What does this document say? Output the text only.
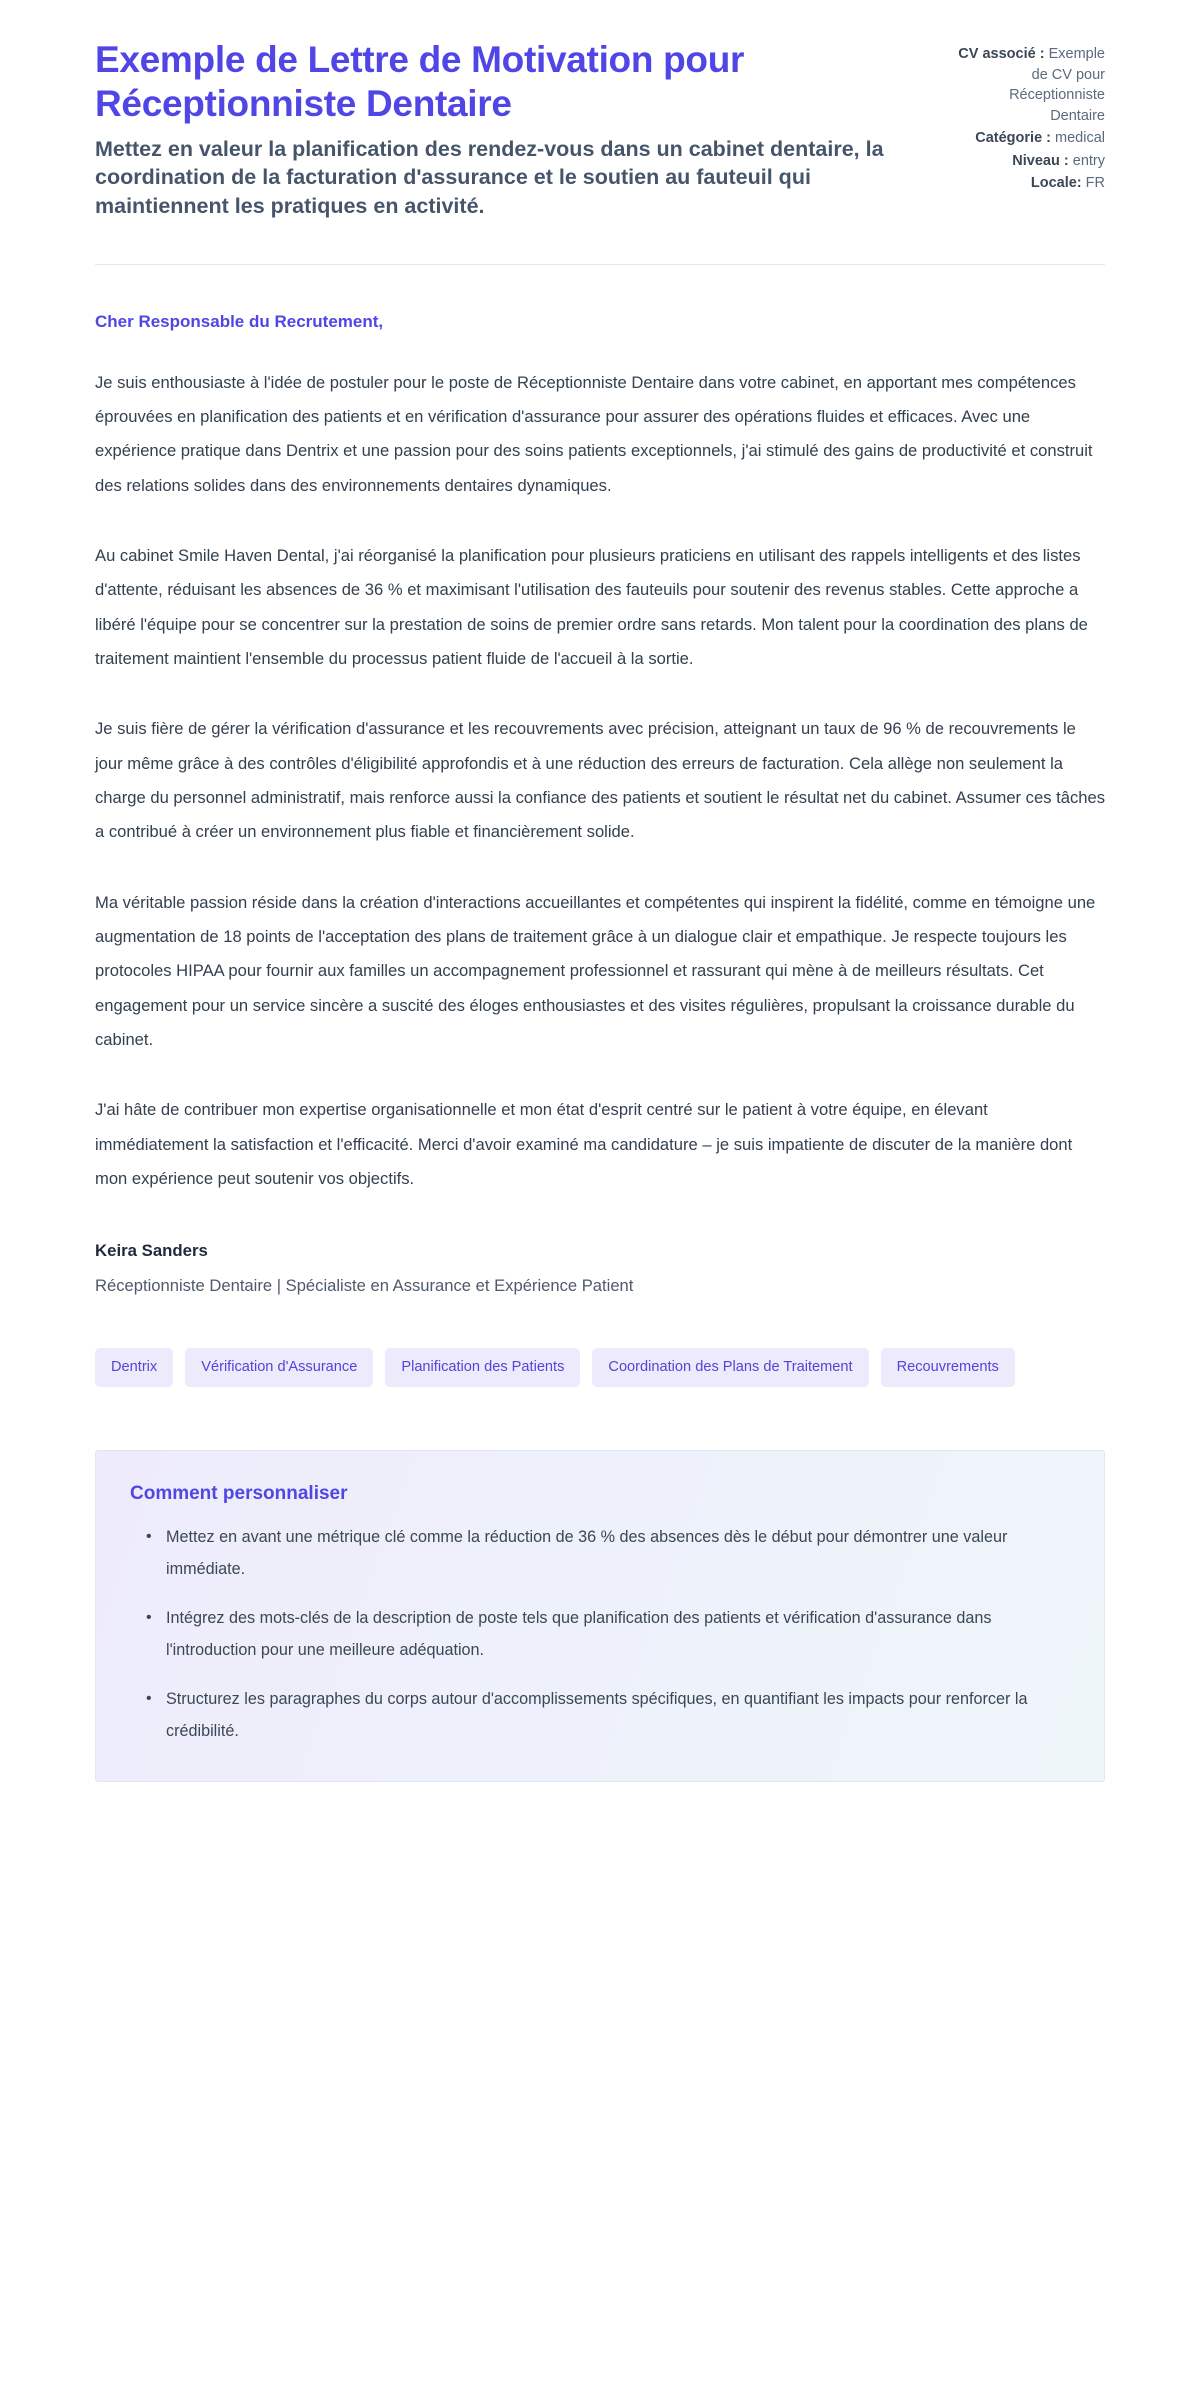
Exemple de Lettre de Motivation pour Réceptionniste Dentaire

Mettez en valeur la planification des rendez-vous dans un cabinet dentaire, la coordination de la facturation d'assurance et le soutien au fauteuil qui maintiennent les pratiques en activité.

CV associé : Exemple de CV pour Réceptionniste Dentaire
Catégorie : medical
Niveau : entry
Locale: FR

Cher Responsable du Recrutement,

Je suis enthousiaste à l'idée de postuler pour le poste de Réceptionniste Dentaire dans votre cabinet, en apportant mes compétences éprouvées en planification des patients et en vérification d'assurance pour assurer des opérations fluides et efficaces. Avec une expérience pratique dans Dentrix et une passion pour des soins patients exceptionnels, j'ai stimulé des gains de productivité et construit des relations solides dans des environnements dentaires dynamiques.

Au cabinet Smile Haven Dental, j'ai réorganisé la planification pour plusieurs praticiens en utilisant des rappels intelligents et des listes d'attente, réduisant les absences de 36 % et maximisant l'utilisation des fauteuils pour soutenir des revenus stables. Cette approche a libéré l'équipe pour se concentrer sur la prestation de soins de premier ordre sans retards. Mon talent pour la coordination des plans de traitement maintient l'ensemble du processus patient fluide de l'accueil à la sortie.

Je suis fière de gérer la vérification d'assurance et les recouvrements avec précision, atteignant un taux de 96 % de recouvrements le jour même grâce à des contrôles d'éligibilité approfondis et à une réduction des erreurs de facturation. Cela allège non seulement la charge du personnel administratif, mais renforce aussi la confiance des patients et soutient le résultat net du cabinet. Assumer ces tâches a contribué à créer un environnement plus fiable et financièrement solide.

Ma véritable passion réside dans la création d'interactions accueillantes et compétentes qui inspirent la fidélité, comme en témoigne une augmentation de 18 points de l'acceptation des plans de traitement grâce à un dialogue clair et empathique. Je respecte toujours les protocoles HIPAA pour fournir aux familles un accompagnement professionnel et rassurant qui mène à de meilleurs résultats. Cet engagement pour un service sincère a suscité des éloges enthousiastes et des visites régulières, propulsant la croissance durable du cabinet.

J'ai hâte de contribuer mon expertise organisationnelle et mon état d'esprit centré sur le patient à votre équipe, en élevant immédiatement la satisfaction et l'efficacité. Merci d'avoir examiné ma candidature – je suis impatiente de discuter de la manière dont mon expérience peut soutenir vos objectifs.

Keira Sanders

Réceptionniste Dentaire | Spécialiste en Assurance et Expérience Patient

Dentrix	Vérification d'Assurance	Planification des Patients	Coordination des Plans de Traitement	Recouvrements
Comment personnaliser
• Mettez en avant une métrique clé comme la réduction de 36 % des absences dès le début pour démontrer une valeur immédiate.
• Intégrez des mots-clés de la description de poste tels que planification des patients et vérification d'assurance dans l'introduction pour une meilleure adéquation.
• Structurez les paragraphes du corps autour d'accomplissements spécifiques, en quantifiant les impacts pour renforcer la crédibilité.
